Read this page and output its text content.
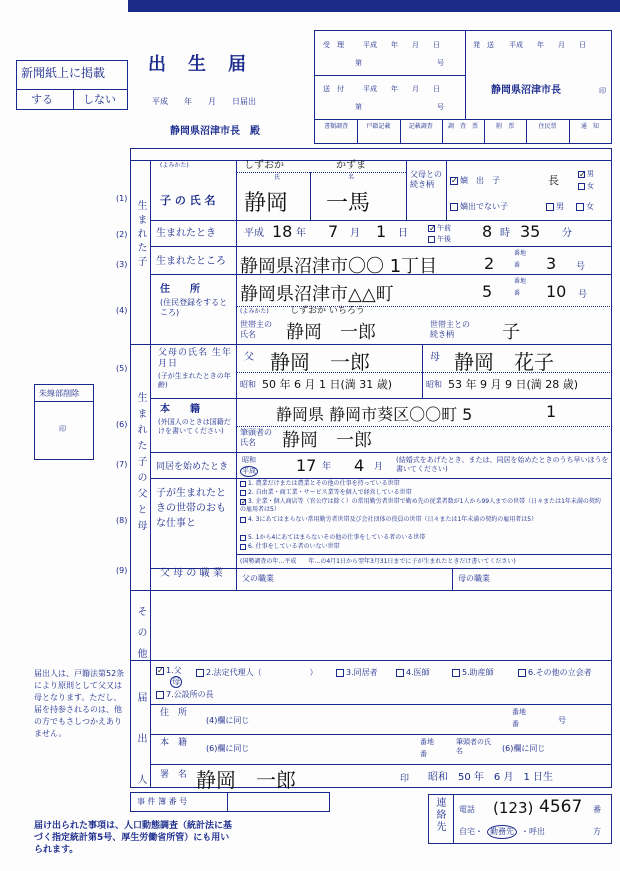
新聞紙上に掲載
する	しない
出　生　届
平成　　年　　月　　日届出
静岡県沼津市長　殿
受　理	平成　　年　　月　　日
第	号
送　付	平成　　年　　月　　日
第	号
発　送 平成　　年　　月　　日
静岡県沼津市長	印
書類調査	戸籍記載	記載調査	調　査　票	附　票	住民票	通　知
生まれた子
生まれた子の父と母
そ の 他
届 出 人
(1)
(2)
(3)
(4)
(5)
(6)
(7)
(8)
(9)
(よみかた)
子 の 氏 名
氏	名
しずおか	かずま
静岡 一馬
父母との続き柄	✓ 嫡　出　子	長	✓男
女
嫡出でない子	男	女
生まれたとき	平成 18 年 7 月 1 日	✓午前
午後 8 時 35 分
生まれたところ 静岡県沼津市〇〇 1丁目	2
番地
番 3 号
住　　所
(住民登録をするところ)
静岡県沼津市△△町	5
番地
番 10 号
(よみかた) しずおか いちろう
世帯主の氏名	静岡　一郎	世帯主との続き柄	子
父母の氏名 生年月日
(子が生まれたときの年齢)
父 静岡　一郎	母 静岡　花子
昭和 50 年 6 月 1 日(満 31 歳)	昭和 53 年 9 月 9 日(満 28 歳)
本　　籍
(外国人のときは国籍だけを書いてください)
静岡県 静岡市葵区〇〇町 5	1
筆頭者の氏名	静岡　一郎
同居を始めたとき
昭和
平成	17 年 4 月
(結婚式をあげたとき、または、同居を始めたときのうち早いほうを書いてください)
子が生まれたときの世帯のおもな仕事と
1. 農業だけまたは農業とその他の仕事を持っている世帯
2. 自由業・商工業・サービス業等を個人で経営している世帯
✓3. 企業・個人商店等（官公庁は除く）の常用勤労者世帯で勤め先の従業者数が1人から99人までの世帯（日々または1年未満の契約の雇用者は5）
4. 3にあてはまらない常用勤労者世帯及び会社団体の役員の世帯（日々または1年未満の契約の雇用者は5）
5. 1から4にあてはまらないその他の仕事をしている者のいる世帯
6. 仕事をしている者のいない世帯
(国勢調査の年…平成　　年…の4月1日から翌年3月31日までに子が生まれたときだけ書いてください)
父 母 の 職 業 父の職業	母の職業
✓ 1.父
母
2.法定代理人（　　　　　　）	3.同居者	4.医師	5.助産師	6.その他の立会者
7.公設所の長
住　所
(4)欄に同じ
番地
番	号
本　籍
(6)欄に同じ
番地
番
筆頭者の氏名	(6)欄に同じ
署　名 静岡　一郎	印 昭和　50 年　6 月　1 日生
朱線部削除
印
届出人は、戸籍法第52条により原則として父又は母となります。ただし、届を持参されるのは、他の方でもさしつかえありません。
事 件 簿 番 号	連絡先 電話 (123) 4567 番
自宅・ 勤務先 ・呼出	方
届け出られた事項は、人口動態調査（統計法に基づく指定統計第5号、厚生労働省所管）にも用いられます。
